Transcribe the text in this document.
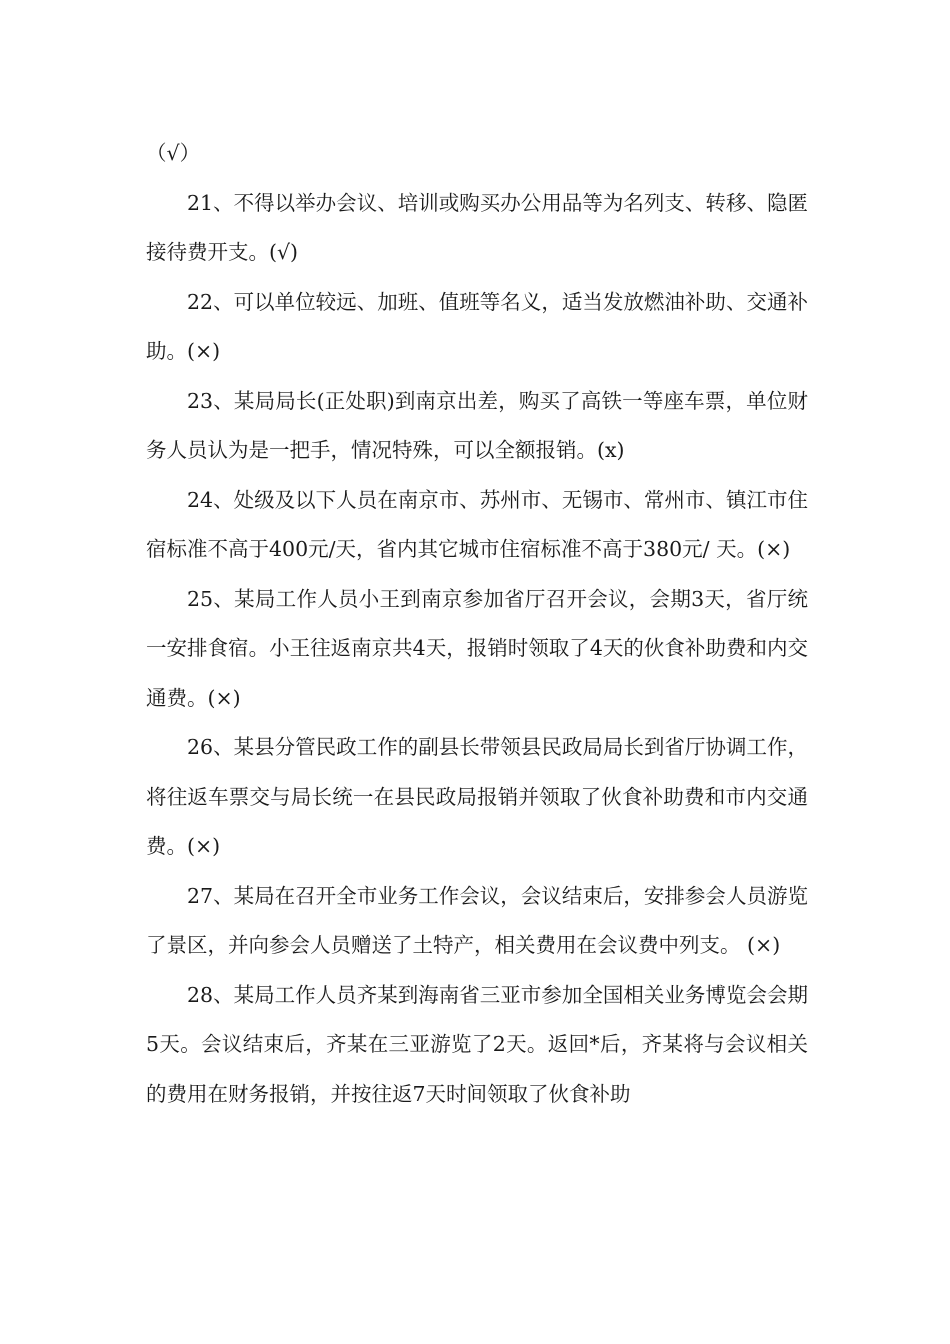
（√）

21、不得以举办会议、培训或购买办公用品等为名列支、转移、隐匿接待费开支。(√)

22、可以单位较远、加班、值班等名义，适当发放燃油补助、交通补助。(×)

23、某局局长(正处职)到南京出差，购买了高铁一等座车票，单位财务人员认为是一把手，情况特殊，可以全额报销。(x)

24、处级及以下人员在南京市、苏州市、无锡市、常州市、镇江市住宿标准不高于400元/天，省内其它城市住宿标准不高于380元/ 天。(×)

25、某局工作人员小王到南京参加省厅召开会议，会期3天，省厅统一安排食宿。小王往返南京共4天，报销时领取了4天的伙食补助费和内交通费。(×)

26、某县分管民政工作的副县长带领县民政局局长到省厅协调工作，将往返车票交与局长统一在县民政局报销并领取了伙食补助费和市内交通费。(×)

27、某局在召开全市业务工作会议，会议结束后，安排参会人员游览了景区，并向参会人员赠送了土特产，相关费用在会议费中列支。 (×)

28、某局工作人员齐某到海南省三亚市参加全国相关业务博览会会期5天。会议结束后，齐某在三亚游览了2天。返回*后，齐某将与会议相关的费用在财务报销，并按往返7天时间领取了伙食补助
